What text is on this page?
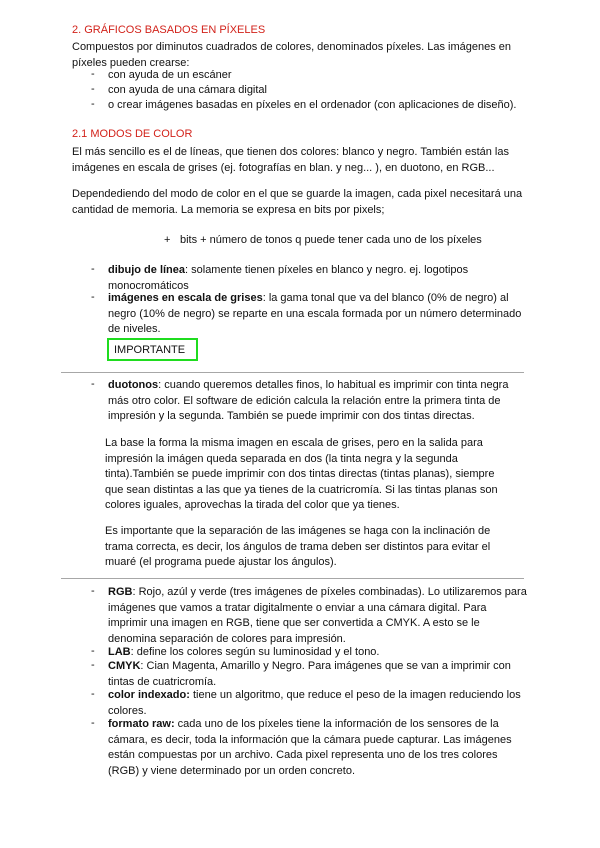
2. GRÁFICOS BASADOS EN PÍXELES
Compuestos por diminutos cuadrados de colores, denominados píxeles. Las imágenes en píxeles pueden crearse:
- con ayuda de un escáner
- con ayuda de una cámara digital
- o crear imágenes basadas en píxeles en el ordenador (con aplicaciones de diseño).
2.1 MODOS DE COLOR
El más sencillo es el de líneas, que tienen dos colores: blanco y negro. También están las imágenes en escala de grises (ej. fotografías en blan. y neg... ), en duotono, en RGB...
Dependediendo del modo de color en el que se guarde la imagen, cada pixel necesitará una cantidad de memoria. La memoria se expresa en bits por pixels;
+ bits + número de tonos q puede tener cada uno de los píxeles
- dibujo de línea: solamente tienen píxeles en blanco y negro. ej. logotipos monocromáticos
- imágenes en escala de grises: la gama tonal que va del blanco (0% de negro) al negro (10% de negro) se reparte en una escala formada por un número determinado de niveles.
IMPORTANTE
- duotonos: cuando queremos detalles finos, lo habitual es imprimir con tinta negra más otro color. El software de edición calcula la relación entre la primera tinta de impresión y la segunda. También se puede imprimir con dos tintas directas.
La base la forma la misma imagen en escala de grises, pero en la salida para impresión la imágen queda separada en dos (la tinta negra y la segunda tinta).También se puede imprimir con dos tintas directas (tintas planas), siempre que sean distintas a las que ya tienes de la cuatricromía. Si las tintas planas son colores iguales, aprovechas la tirada del color que ya tienes.
Es importante que la separación de las imágenes se haga con la inclinación de trama correcta, es decir, los ángulos de trama deben ser distintos para evitar el muaré (el programa puede ajustar los ángulos).
- RGB: Rojo, azúl y verde (tres imágenes de píxeles combinadas). Lo utilizaremos para imágenes que vamos a tratar digitalmente o enviar a una cámara digital. Para imprimir una imagen en RGB, tiene que ser convertida a CMYK. A esto se le denomina separación de colores para impresión.
- LAB: define los colores según su luminosidad y el tono.
- CMYK: Cian Magenta, Amarillo y Negro. Para imágenes que se van a imprimir con tintas de cuatricromía.
- color indexado: tiene un algoritmo, que reduce el peso de la imagen reduciendo los colores.
- formato raw: cada uno de los píxeles tiene la información de los sensores de la cámara, es decir, toda la información que la cámara puede capturar. Las imágenes están compuestas por un archivo. Cada pixel representa uno de los tres colores (RGB) y viene determinado por un orden concreto.
